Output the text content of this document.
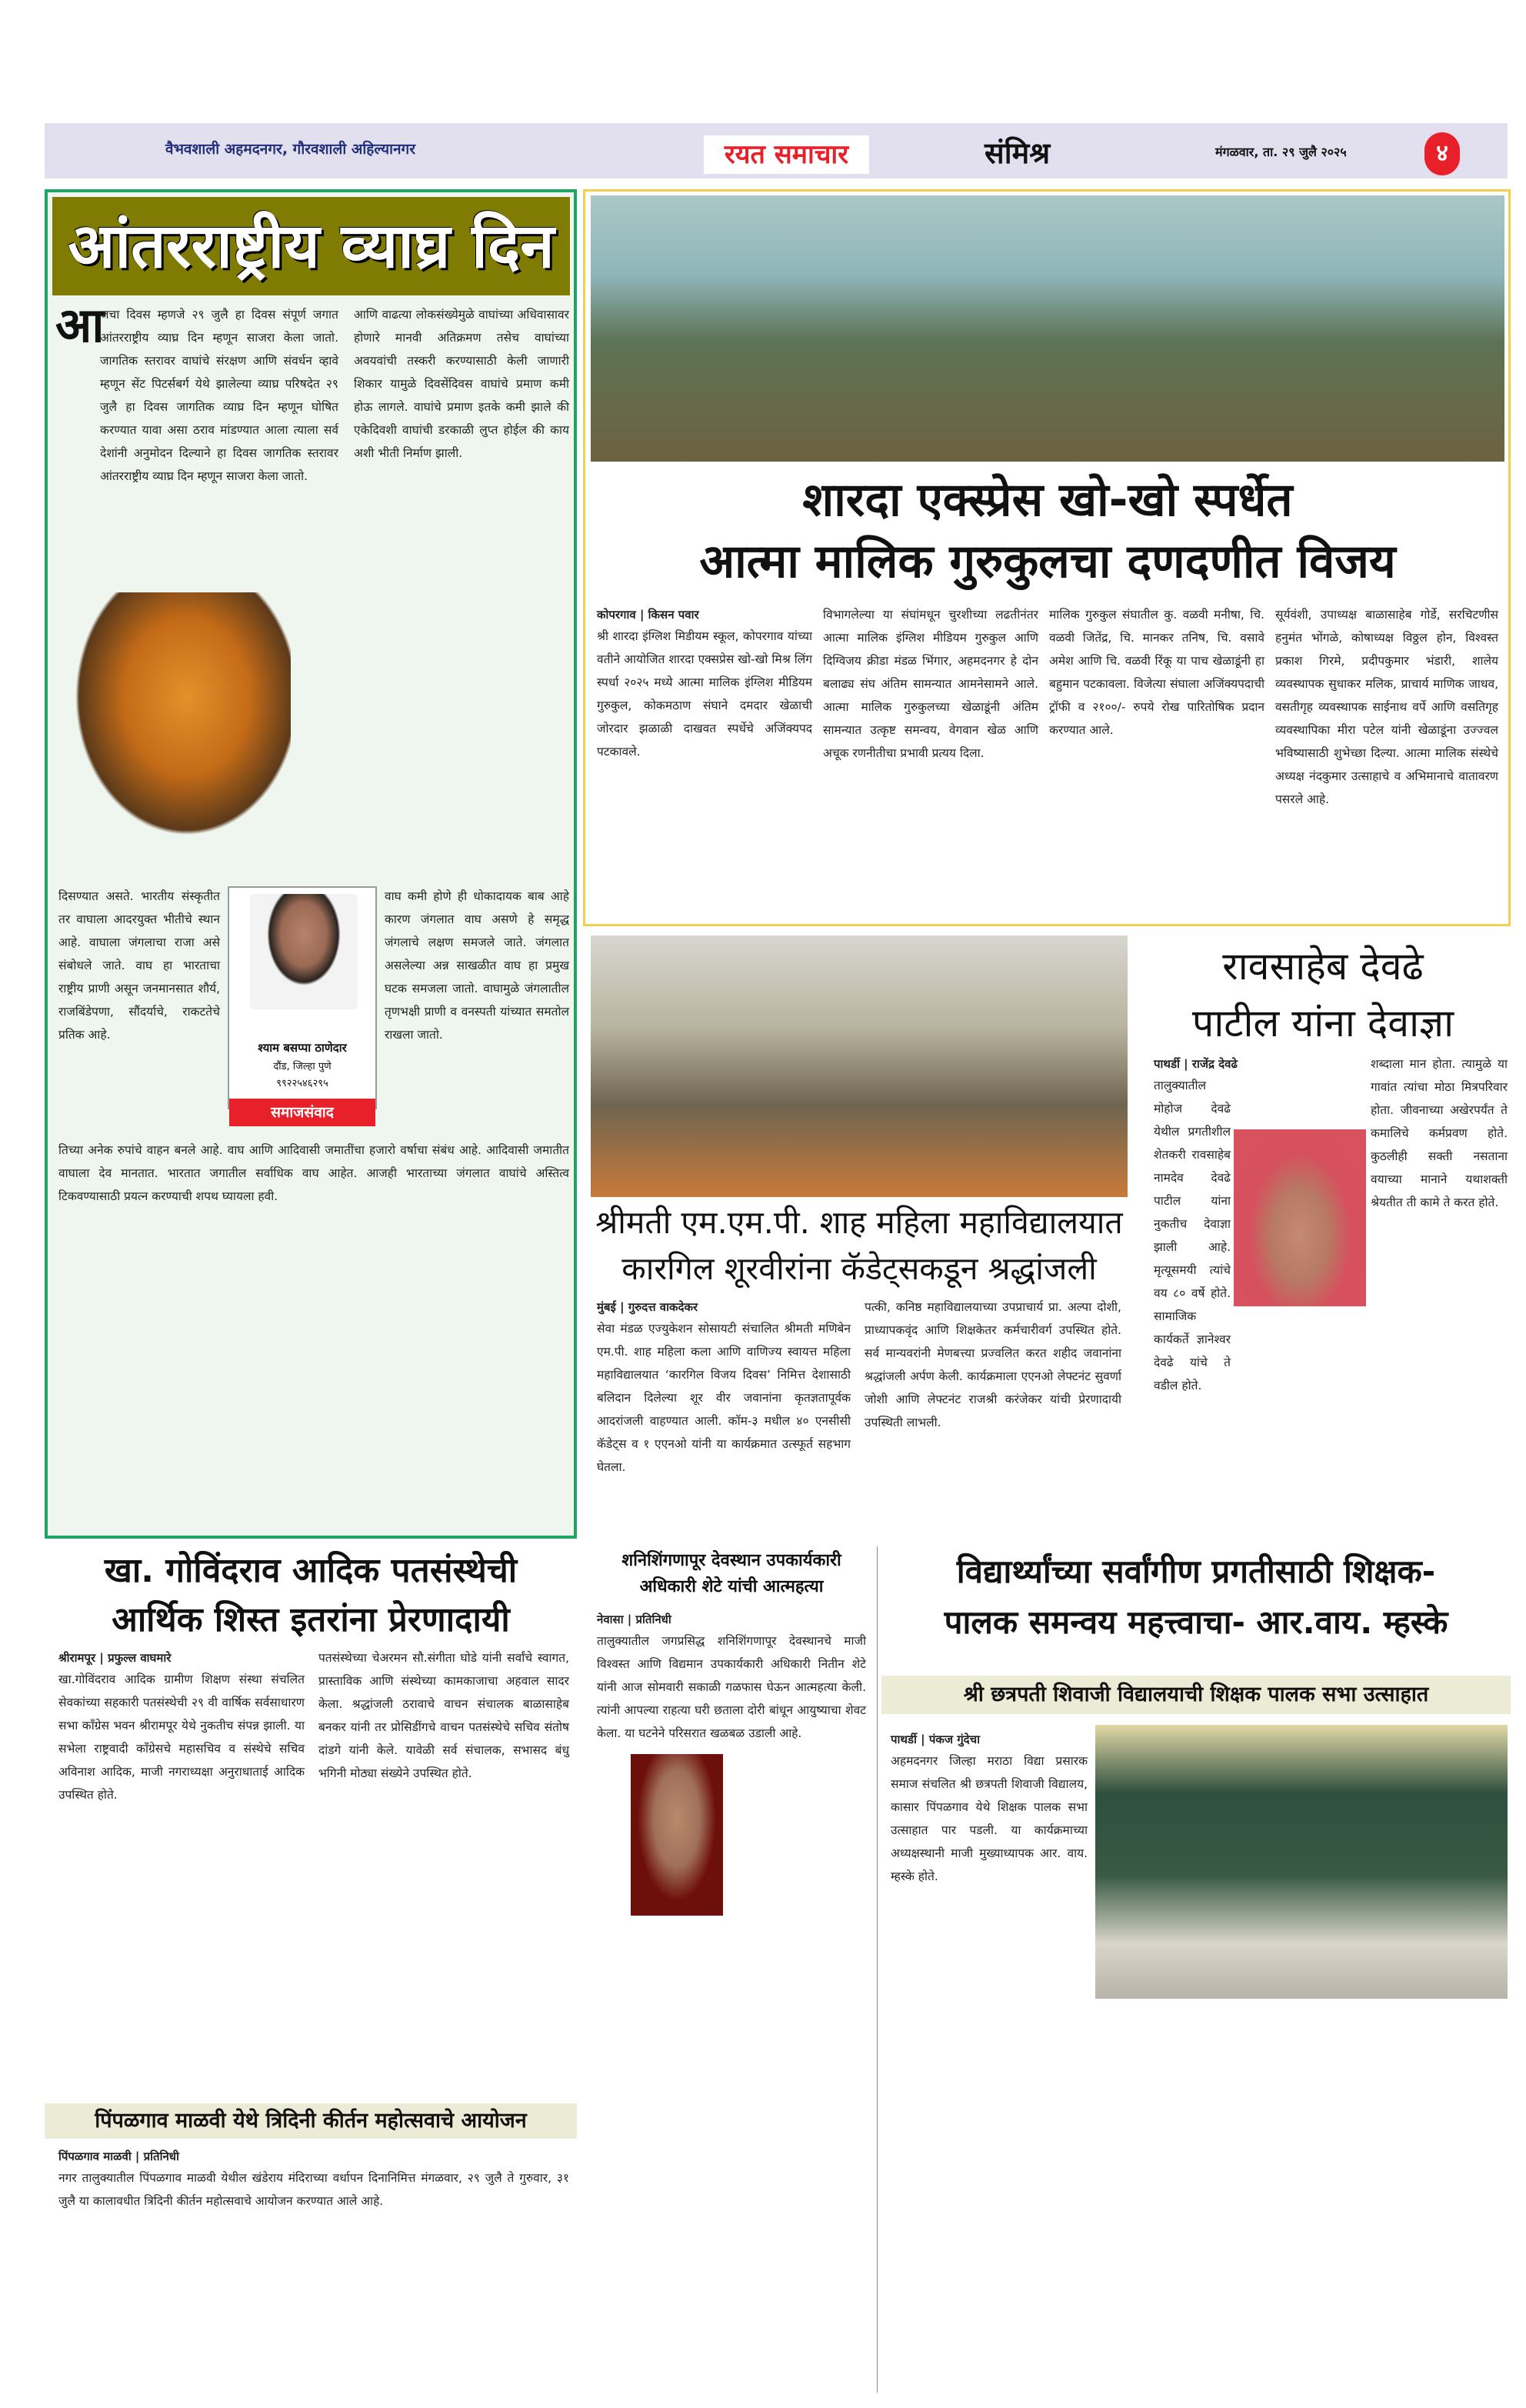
वैभवशाली अहमदनगर, गौरवशाली अहिल्यानगर	रयत समाचार	संमिश्र	मंगळवार, ता. २९ जुलै २०२५	४
आंतरराष्ट्रीय व्याघ्र दिन
आ
जचा दिवस म्हणजे २९ जुलै हा दिवस संपूर्ण जगात आंतरराष्ट्रीय व्याघ्र दिन म्हणून साजरा केला जातो. जागतिक स्तरावर वाघांचे संरक्षण आणि संवर्धन व्हावे म्हणून सेंट पिटर्सबर्ग येथे झालेल्या व्याघ्र परिषदेत २९ जुलै हा दिवस जागतिक व्याघ्र दिन म्हणून घोषित करण्यात यावा असा ठराव मांडण्यात आला त्याला सर्व देशांनी अनुमोदन दिल्याने हा दिवस जागतिक स्तरावर आंतरराष्ट्रीय व्याघ्र दिन म्हणून साजरा केला जातो.
आणि वाढत्या लोकसंख्येमुळे वाघांच्या अधिवासावर होणारे मानवी अतिक्रमण तसेच वाघांच्या अवयवांची तस्करी करण्यासाठी केली जाणारी शिकार यामुळे दिवसेंदिवस वाघांचे प्रमाण कमी होऊ लागले. वाघांचे प्रमाण इतके कमी झाले की एकेदिवशी वाघांची डरकाळी लुप्त होईल की काय अशी भीती निर्माण झाली.
दिसण्यात असते. भारतीय संस्कृतीत तर वाघाला आदरयुक्त भीतीचे स्थान आहे. वाघाला जंगलाचा राजा असे संबोधले जाते. वाघ हा भारताचा राष्ट्रीय प्राणी असून जनमानसात शौर्य, राजबिंडेपणा, सौंदर्याचे, राकटतेचे प्रतिक आहे.
वाघ कमी होणे ही धोकादायक बाब आहे कारण जंगलात वाघ असणे हे समृद्ध जंगलाचे लक्षण समजले जाते. जंगलात असलेल्या अन्न साखळीत वाघ हा प्रमुख घटक समजला जातो. वाघामुळे जंगलातील तृणभक्षी प्राणी व वनस्पती यांच्यात समतोल राखला जातो.
तिच्या अनेक रुपांचे वाहन बनले आहे. वाघ आणि आदिवासी जमातींचा हजारो वर्षाचा संबंध आहे. आदिवासी जमातीत वाघाला देव मानतात. भारतात जगातील सर्वाधिक वाघ आहेत. आजही भारताच्या जंगलात वाघांचे अस्तित्व टिकवण्यासाठी प्रयत्न करण्याची शपथ घ्यायला हवी.
श्याम बसप्पा ठाणेदार
दौंड, जिल्हा पुणे
९९२२५४६२९५
समाजसंवाद
शारदा एक्स्प्रेस खो-खो स्पर्धेत
आत्मा मालिक गुरुकुलचा दणदणीत विजय
कोपरगाव | किसन पवार
श्री शारदा इंग्लिश मिडीयम स्कूल, कोपरगाव यांच्या वतीने आयोजित शारदा एक्सप्रेस खो-खो मिश्र लिंग स्पर्धा २०२५ मध्ये आत्मा मालिक इंग्लिश मीडियम गुरुकुल, कोकमठाण संघाने दमदार खेळाची जोरदार झळाळी दाखवत स्पर्धेचे अजिंक्यपद पटकावले.
विभागलेल्या या संघांमधून चुरशीच्या लढतीनंतर आत्मा मालिक इंग्लिश मीडियम गुरुकुल आणि दिग्विजय क्रीडा मंडळ भिंगार, अहमदनगर हे दोन बलाढ्य संघ अंतिम सामन्यात आमनेसामने आले. आत्मा मालिक गुरुकुलच्या खेळाडूंनी अंतिम सामन्यात उत्कृष्ट समन्वय, वेगवान खेळ आणि अचूक रणनीतीचा प्रभावी प्रत्यय दिला.
मालिक गुरुकुल संघातील कु. वळवी मनीषा, चि. वळवी जितेंद्र, चि. मानकर तनिष, चि. वसावे अमेश आणि चि. वळवी रिंकू या पाच खेळाडूंनी हा बहुमान पटकावला. विजेत्या संघाला अजिंक्यपदाची ट्रॉफी व २१००/- रुपये रोख पारितोषिक प्रदान करण्यात आले.
सूर्यवंशी, उपाध्यक्ष बाळासाहेब गोर्डे, सरचिटणीस हनुमंत भोंगळे, कोषाध्यक्ष विठ्ठल होन, विश्वस्त प्रकाश गिरमे, प्रदीपकुमार भंडारी, शालेय व्यवस्थापक सुधाकर मलिक, प्राचार्य माणिक जाधव, वसतीगृह व्यवस्थापक साईनाथ वर्पे आणि वसतिगृह व्यवस्थापिका मीरा पटेल यांनी खेळाडूंना उज्ज्वल भविष्यासाठी शुभेच्छा दिल्या. आत्मा मालिक संस्थेचे अध्यक्ष नंदकुमार उत्साहाचे व अभिमानाचे वातावरण पसरले आहे.
श्रीमती एम.एम.पी. शाह महिला महाविद्यालयात
कारगिल शूरवीरांना कॅडेट्सकडून श्रद्धांजली
मुंबई | गुरुदत्त वाकदेकर
सेवा मंडळ एज्युकेशन सोसायटी संचालित श्रीमती मणिबेन एम.पी. शाह महिला कला आणि वाणिज्य स्वायत्त महिला महाविद्यालयात ‘कारगिल विजय दिवस’ निमित्त देशासाठी बलिदान दिलेल्या शूर वीर जवानांना कृतज्ञतापूर्वक आदरांजली वाहण्यात आली. कॉम-३ मधील ४० एनसीसी कॅडेट्स व १ एएनओ यांनी या कार्यक्रमात उत्स्फूर्त सहभाग घेतला.
पत्की, कनिष्ठ महाविद्यालयाच्या उपप्राचार्य प्रा. अल्पा दोशी, प्राध्यापकवृंद आणि शिक्षकेतर कर्मचारीवर्ग उपस्थित होते. सर्व मान्यवरांनी मेणबत्त्या प्रज्वलित करत शहीद जवानांना श्रद्धांजली अर्पण केली. कार्यक्रमाला एएनओ लेफ्टनंट सुवर्णा जोशी आणि लेफ्टनंट राजश्री करंजेकर यांची प्रेरणादायी उपस्थिती लाभली.
रावसाहेब देवढे
पाटील यांना देवाज्ञा
पाथर्डी | राजेंद्र देवढे
तालुक्यातील मोहोज देवढे येथील प्रगतीशील शेतकरी रावसाहेब नामदेव देवढे पाटील यांना नुकतीच देवाज्ञा झाली आहे. मृत्यूसमयी त्यांचे वय ८० वर्षे होते. सामाजिक कार्यकर्ते ज्ञानेश्वर देवढे यांचे ते वडील होते.
शब्दाला मान होता. त्यामुळे या गावांत त्यांचा मोठा मित्रपरिवार होता. जीवनाच्या अखेरपर्यंत ते कमालिचे कर्मप्रवण होते. कुठलीही सक्ती नसताना वयाच्या मानाने यथाशक्ती श्रेयतीत ती कामे ते करत होते.
खा. गोविंदराव आदिक पतसंस्थेची
आर्थिक शिस्त इतरांना प्रेरणादायी
श्रीरामपूर | प्रफुल्ल वाघमारे
खा.गोविंदराव आदिक ग्रामीण शिक्षण संस्था संचलित सेवकांच्या सहकारी पतसंस्थेची २९ वी वार्षिक सर्वसाधारण सभा काँग्रेस भवन श्रीरामपूर येथे नुकतीच संपन्न झाली. या सभेला राष्ट्रवादी काँग्रेसचे महासचिव व संस्थेचे सचिव अविनाश आदिक, माजी नगराध्यक्षा अनुराधाताई आदिक उपस्थित होते.
पतसंस्थेच्या चेअरमन सौ.संगीता घोडे यांनी सर्वांचे स्वागत, प्रास्ताविक आणि संस्थेच्या कामकाजाचा अहवाल सादर केला. श्रद्धांजली ठरावाचे वाचन संचालक बाळासाहेब बनकर यांनी तर प्रोसिडींगचे वाचन पतसंस्थेचे सचिव संतोष दांडगे यांनी केले. यावेळी सर्व संचालक, सभासद बंधु भगिनी मोठ्या संख्येने उपस्थित होते.
पिंपळगाव माळवी येथे त्रिदिनी कीर्तन महोत्सवाचे आयोजन
पिंपळगाव माळवी | प्रतिनिधी
नगर तालुक्यातील पिंपळगाव माळवी येथील खंडेराय मंदिराच्या वर्धापन दिनानिमित्त मंगळवार, २९ जुलै ते गुरुवार, ३१ जुलै या कालावधीत त्रिदिनी कीर्तन महोत्सवाचे आयोजन करण्यात आले आहे.
शनिशिंगणापूर देवस्थान उपकार्यकारी
अधिकारी शेटे यांची आत्महत्या
नेवासा | प्रतिनिधी
तालुक्यातील जगप्रसिद्ध शनिशिंगणापूर देवस्थानचे माजी विश्वस्त आणि विद्यमान उपकार्यकारी अधिकारी नितीन शेटे यांनी आज सोमवारी सकाळी गळफास घेऊन आत्महत्या केली. त्यांनी आपल्या राहत्या घरी छताला दोरी बांधून आयुष्याचा शेवट केला. या घटनेने परिसरात खळबळ उडाली आहे.
विद्यार्थ्यांच्या सर्वांगीण प्रगतीसाठी शिक्षक-
पालक समन्वय महत्त्वाचा- आर.वाय. म्हस्के
श्री छत्रपती शिवाजी विद्यालयाची शिक्षक पालक सभा उत्साहात
पाथर्डी | पंकज गुंदेचा
अहमदनगर जिल्हा मराठा विद्या प्रसारक समाज संचलित श्री छत्रपती शिवाजी विद्यालय, कासार पिंपळगाव येथे शिक्षक पालक सभा उत्साहात पार पडली. या कार्यक्रमाच्या अध्यक्षस्थानी माजी मुख्याध्यापक आर. वाय. म्हस्के होते.
